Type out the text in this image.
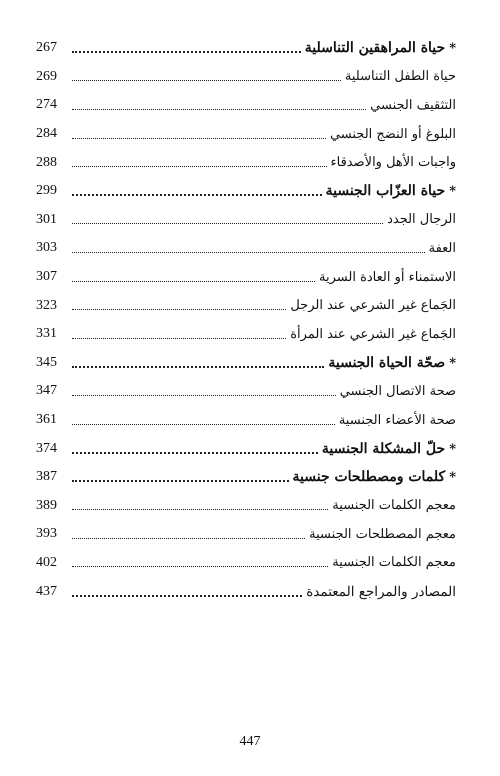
267	*حياة المراهقين التناسلية
269	حياة الطفل التناسلية
274	التثقيف الجنسي
284	البلوغ أو النضج الجنسي
288	واجبات الأهل والأصدقاء
299	*حياة العزّاب الجنسية
301	الرجال الجدد
303	العفة
307	الاستمناء أو العادة السرية
323	الجَماع غير الشرعي عند الرجل
331	الجَماع غير الشرعي عند المرأة
345	*صحّة الحياة الجنسية
347	صحة الاتصال الجنسي
361	صحة الأعضاء الجنسية
374	*حلّ المشكلة الجنسية
387	*كلمات ومصطلحات جنسية
389	معجم الكلمات الجنسية
393	معجم المصطلحات الجنسية
402	معجم الكلمات الجنسية
437	المصادر والمراجع المعتمدة
447
